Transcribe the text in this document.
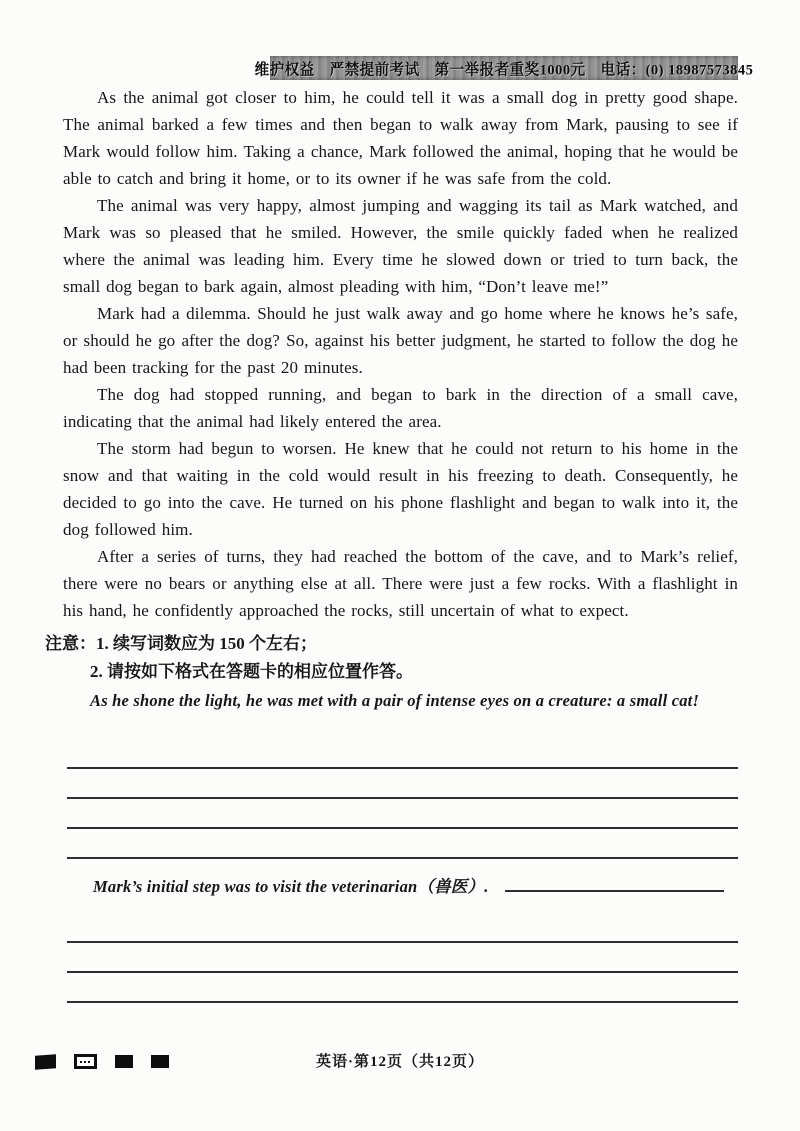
维护权益　严禁提前考试　第一举报者重奖1000元　电话：(0) 18987573845

As the animal got closer to him, he could tell it was a small dog in pretty good shape. The animal barked a few times and then began to walk away from Mark, pausing to see if Mark would follow him. Taking a chance, Mark followed the animal, hoping that he would be able to catch and bring it home, or to its owner if he was safe from the cold.

The animal was very happy, almost jumping and wagging its tail as Mark watched, and Mark was so pleased that he smiled. However, the smile quickly faded when he realized where the animal was leading him. Every time he slowed down or tried to turn back, the small dog began to bark again, almost pleading with him, “Don’t leave me!”

Mark had a dilemma. Should he just walk away and go home where he knows he’s safe, or should he go after the dog? So, against his better judgment, he started to follow the dog he had been tracking for the past 20 minutes.

The dog had stopped running, and began to bark in the direction of a small cave, indicating that the animal had likely entered the area.

The storm had begun to worsen. He knew that he could not return to his home in the snow and that waiting in the cold would result in his freezing to death. Consequently, he decided to go into the cave. He turned on his phone flashlight and began to walk into it, the dog followed him.

After a series of turns, they had reached the bottom of the cave, and to Mark’s relief, there were no bears or anything else at all. There were just a few rocks. With a flashlight in his hand, he confidently approached the rocks, still uncertain of what to expect.

注意：1. 续写词数应为 150 个左右；
2. 请按如下格式在答题卡的相应位置作答。

As he shone the light, he was met with a pair of intense eyes on a creature: a small cat!

Mark’s initial step was to visit the veterinarian（兽医）.
英语·第12页（共12页）
